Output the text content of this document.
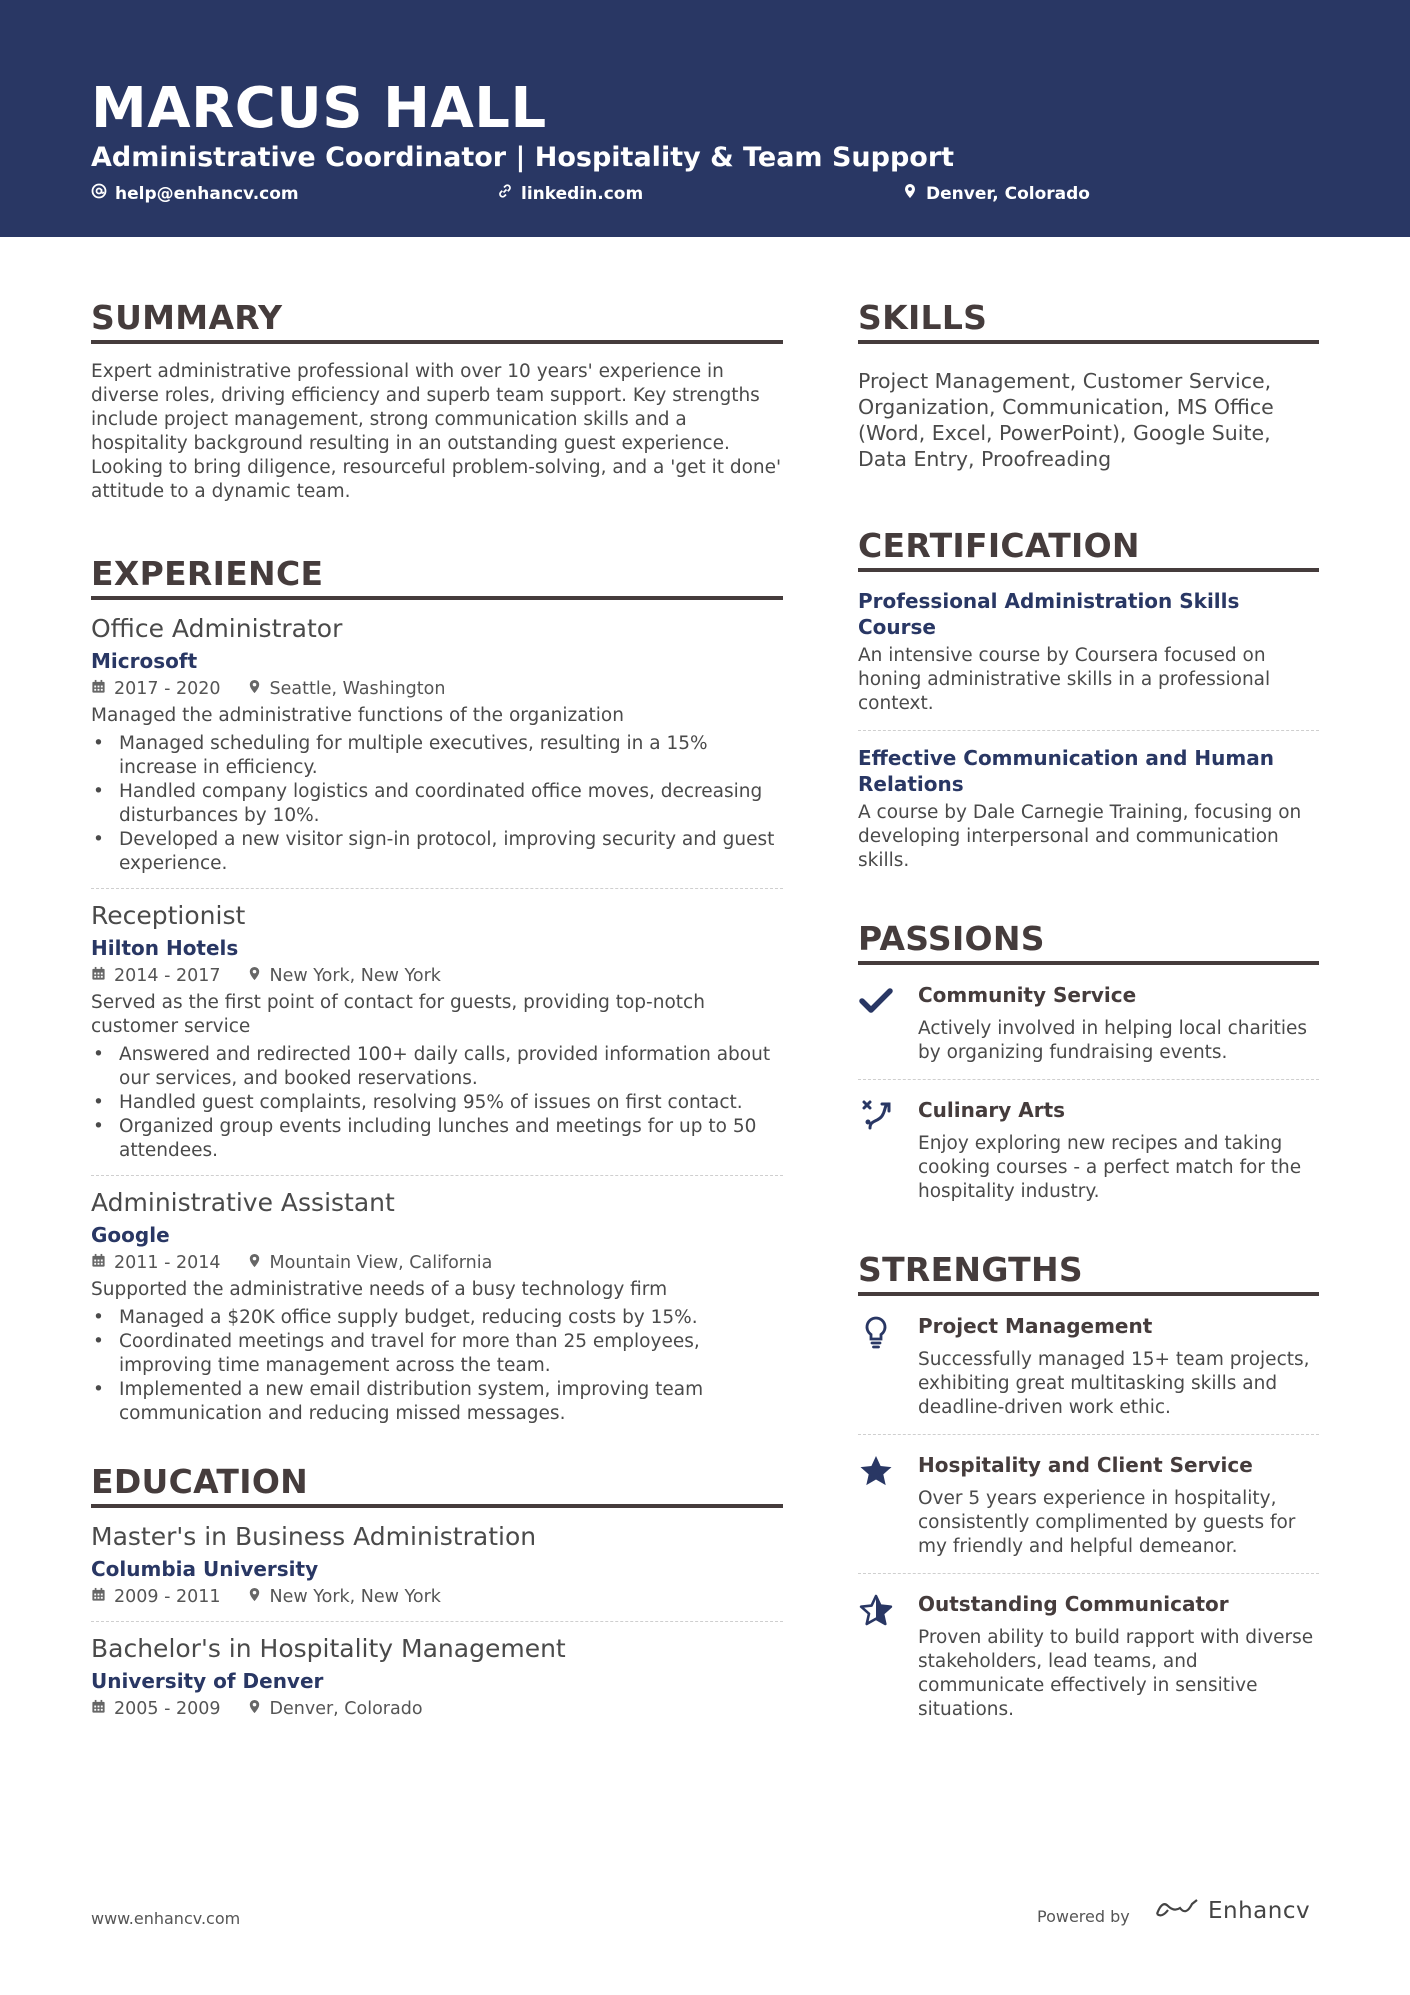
MARCUS HALL
Administrative Coordinator | Hospitality & Team Support
help@enhancv.com	linkedin.com	Denver, Colorado
SUMMARY
Expert administrative professional with over 10 years' experience in diverse roles, driving efficiency and superb team support. Key strengths include project management, strong communication skills and a hospitality background resulting in an outstanding guest experience. Looking to bring diligence, resourceful problem-solving, and a 'get it done' attitude to a dynamic team.
EXPERIENCE
Office Administrator
Microsoft
2017 - 2020	Seattle, Washington
Managed the administrative functions of the organization
• Managed scheduling for multiple executives, resulting in a 15% increase in efficiency.
• Handled company logistics and coordinated office moves, decreasing disturbances by 10%.
• Developed a new visitor sign-in protocol, improving security and guest experience.
Receptionist
Hilton Hotels
2014 - 2017	New York, New York
Served as the first point of contact for guests, providing top-notch customer service
• Answered and redirected 100+ daily calls, provided information about our services, and booked reservations.
• Handled guest complaints, resolving 95% of issues on first contact.
• Organized group events including lunches and meetings for up to 50 attendees.
Administrative Assistant
Google
2011 - 2014	Mountain View, California
Supported the administrative needs of a busy technology firm
• Managed a $20K office supply budget, reducing costs by 15%.
• Coordinated meetings and travel for more than 25 employees, improving time management across the team.
• Implemented a new email distribution system, improving team communication and reducing missed messages.
EDUCATION
Master's in Business Administration
Columbia University
2009 - 2011	New York, New York
Bachelor's in Hospitality Management
University of Denver
2005 - 2009	Denver, Colorado
SKILLS
Project Management, Customer Service, Organization, Communication, MS Office (Word, Excel, PowerPoint), Google Suite, Data Entry, Proofreading
CERTIFICATION
Professional Administration Skills Course
An intensive course by Coursera focused on honing administrative skills in a professional context.
Effective Communication and Human Relations
A course by Dale Carnegie Training, focusing on developing interpersonal and communication skills.
PASSIONS
Community Service
Actively involved in helping local charities by organizing fundraising events.
Culinary Arts
Enjoy exploring new recipes and taking cooking courses - a perfect match for the hospitality industry.
STRENGTHS
Project Management
Successfully managed 15+ team projects, exhibiting great multitasking skills and deadline-driven work ethic.
Hospitality and Client Service
Over 5 years experience in hospitality, consistently complimented by guests for my friendly and helpful demeanor.
Outstanding Communicator
Proven ability to build rapport with diverse stakeholders, lead teams, and communicate effectively in sensitive situations.
www.enhancv.com	Powered by	Enhancv
